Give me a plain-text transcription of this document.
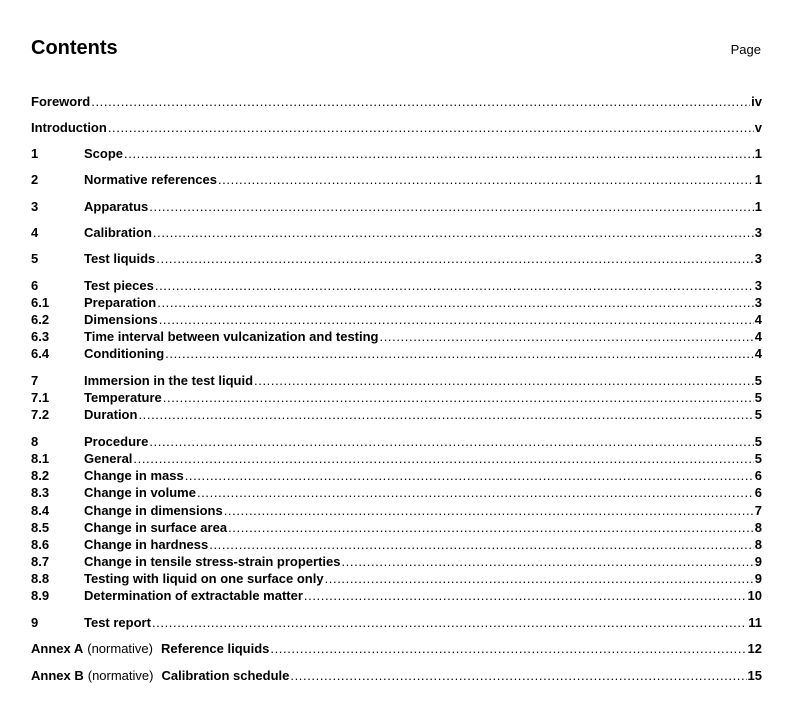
Contents	Page
Foreword .....	iv
Introduction .....	v
1	Scope .....	1
2	Normative references .....	1
3	Apparatus .....	1
4	Calibration .....	3
5	Test liquids .....	3
6	Test pieces .....	3
6.1	Preparation .....	3
6.2	Dimensions .....	4
6.3	Time interval between vulcanization and testing .....	4
6.4	Conditioning .....	4
7	Immersion in the test liquid .....	5
7.1	Temperature .....	5
7.2	Duration .....	5
8	Procedure .....	5
8.1	General .....	5
8.2	Change in mass .....	6
8.3	Change in volume .....	6
8.4	Change in dimensions .....	7
8.5	Change in surface area .....	8
8.6	Change in hardness .....	8
8.7	Change in tensile stress-strain properties .....	9
8.8	Testing with liquid on one surface only .....	9
8.9	Determination of extractable matter .....	10
9	Test report .....	11
Annex A (normative) Reference liquids .....	12
Annex B (normative) Calibration schedule .....	15
